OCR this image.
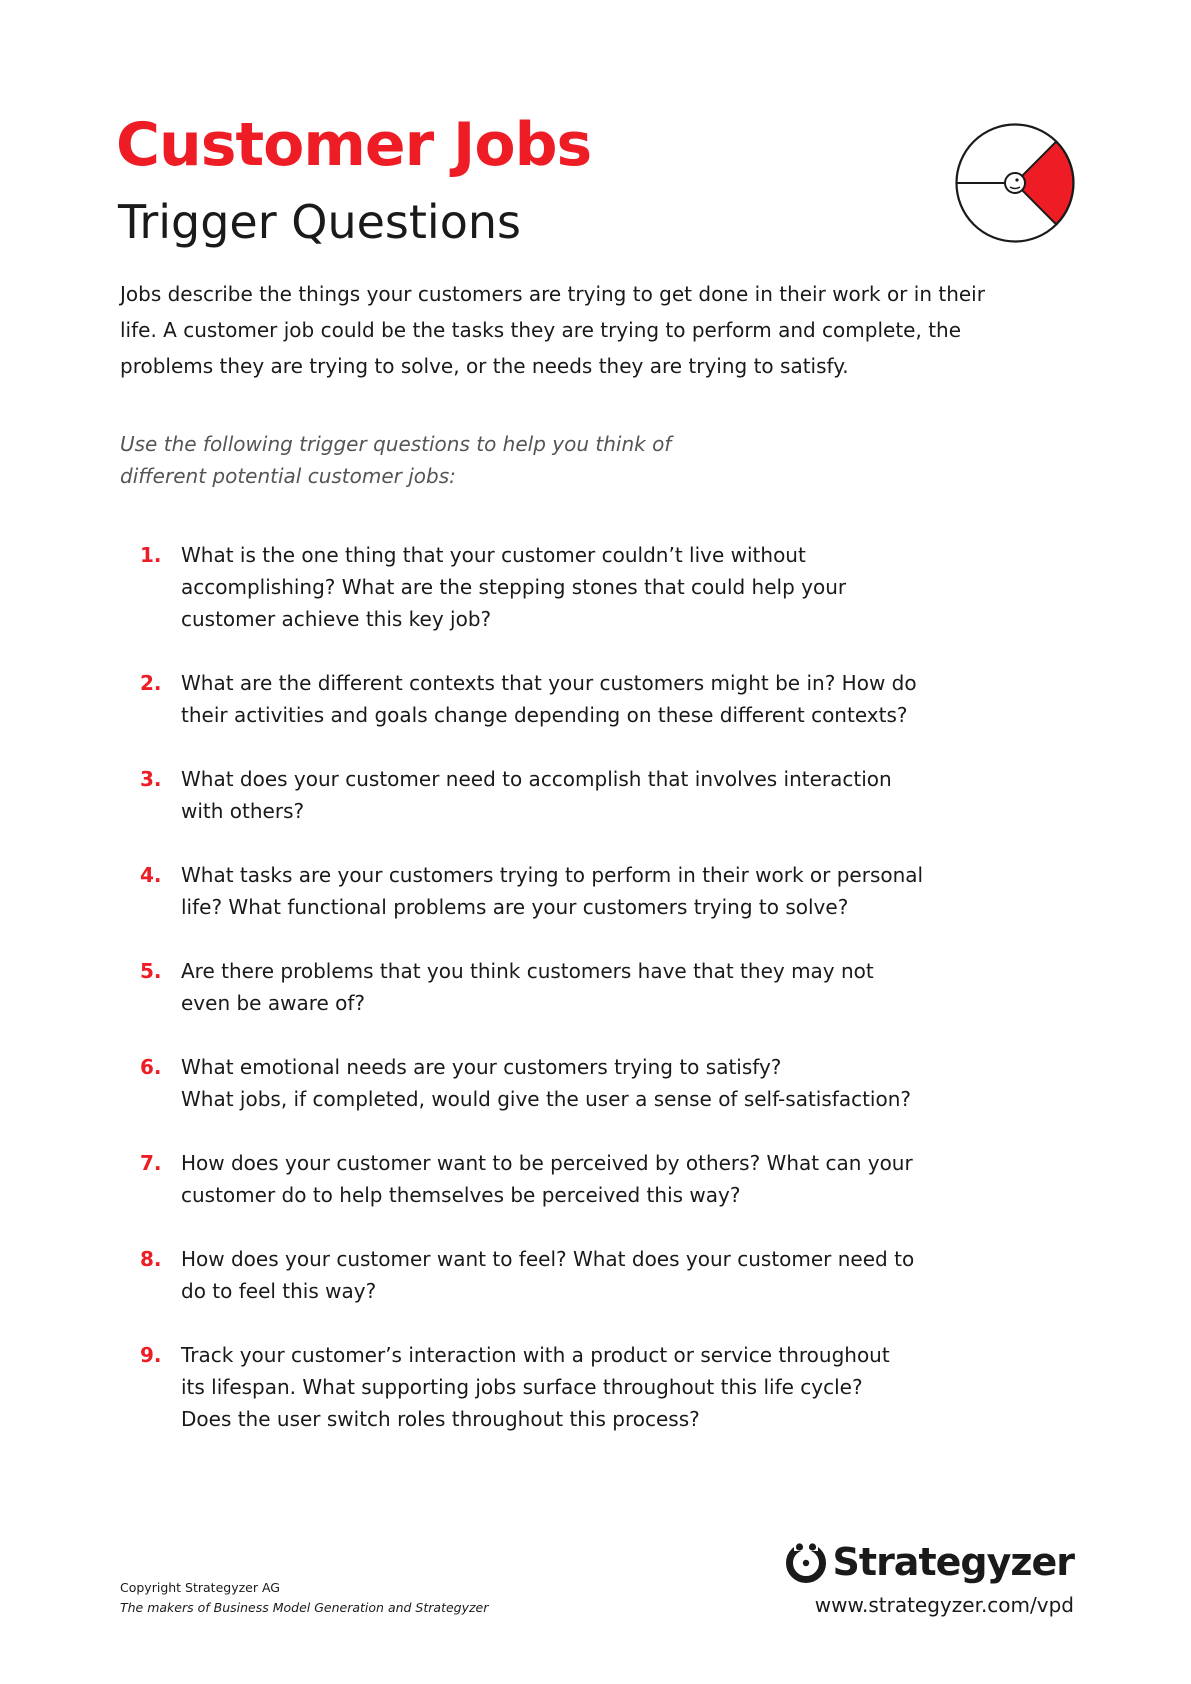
Customer Jobs
Trigger Questions

Jobs describe the things your customers are trying to get done in their work or in their life. A customer job could be the tasks they are trying to perform and complete, the problems they are trying to solve, or the needs they are trying to satisfy.

Use the following trigger questions to help you think of
different potential customer jobs:

1. What is the one thing that your customer couldn’t live without
accomplishing? What are the stepping stones that could help your
customer achieve this key job?
2. What are the different contexts that your customers might be in? How do
their activities and goals change depending on these different contexts?
3. What does your customer need to accomplish that involves interaction
with others?
4. What tasks are your customers trying to perform in their work or personal
life? What functional problems are your customers trying to solve?
5. Are there problems that you think customers have that they may not
even be aware of?
6. What emotional needs are your customers trying to satisfy?
What jobs, if completed, would give the user a sense of self-satisfaction?
7. How does your customer want to be perceived by others? What can your
customer do to help themselves be perceived this way?
8. How does your customer want to feel? What does your customer need to
do to feel this way?
9. Track your customer’s interaction with a product or service throughout
its lifespan. What supporting jobs surface throughout this life cycle?
Does the user switch roles throughout this process?
Copyright Strategyzer AG
The makers of Business Model Generation and Strategyzer
Strategyzer
www.strategyzer.com/vpd
